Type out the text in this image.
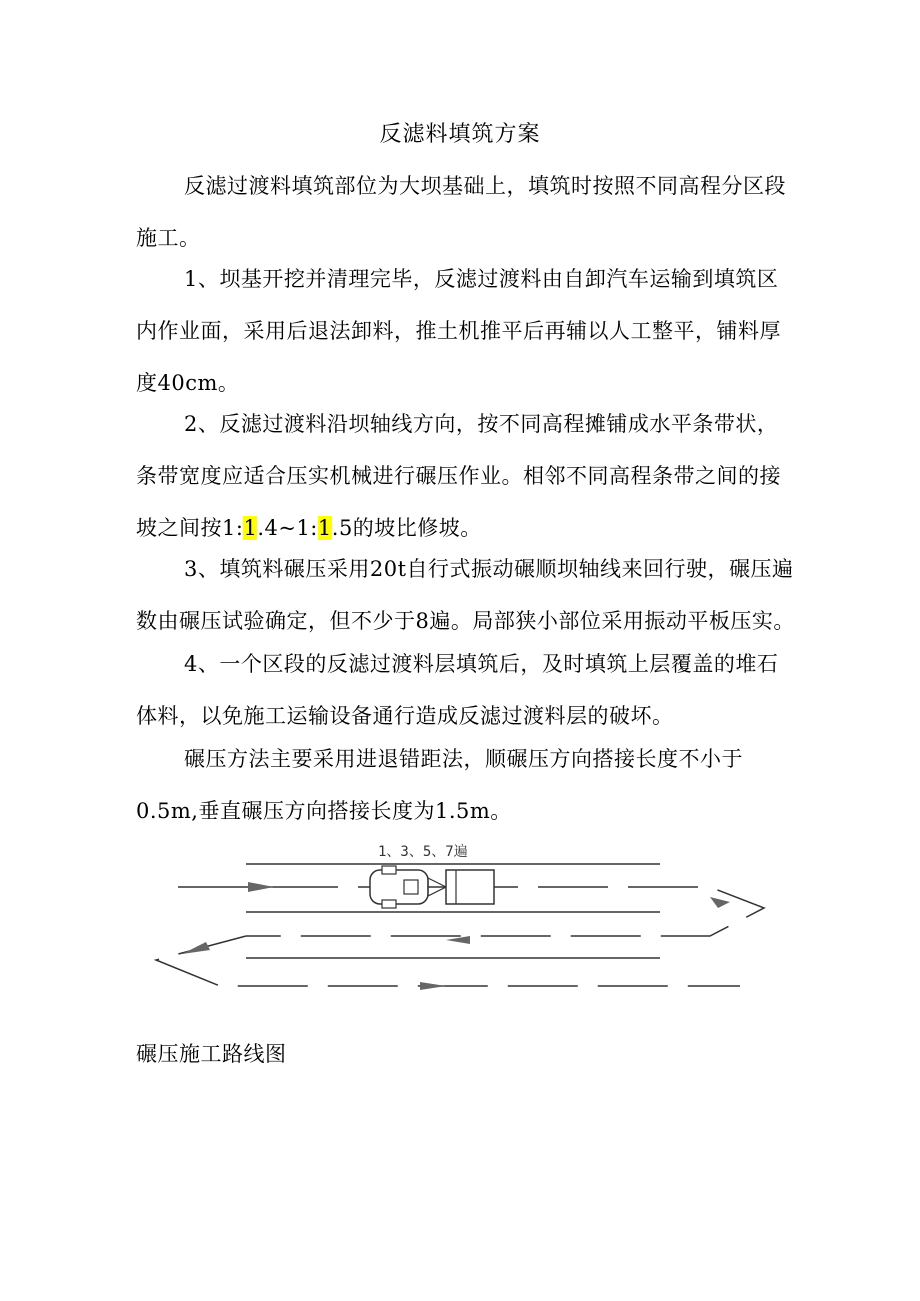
反滤料填筑方案

反滤过渡料填筑部位为大坝基础上，填筑时按照不同高程分区段施工。

1、坝基开挖并清理完毕，反滤过渡料由自卸汽车运输到填筑区内作业面，采用后退法卸料，推土机推平后再辅以人工整平，铺料厚度40cm。

2、反滤过渡料沿坝轴线方向，按不同高程摊铺成水平条带状，条带宽度应适合压实机械进行碾压作业。相邻不同高程条带之间的接坡之间按1:1.4~1:1.5的坡比修坡。

3、填筑料碾压采用20t自行式振动碾顺坝轴线来回行驶，碾压遍数由碾压试验确定，但不少于8遍。局部狭小部位采用振动平板压实。

4、一个区段的反滤过渡料层填筑后，及时填筑上层覆盖的堆石体料，以免施工运输设备通行造成反滤过渡料层的破坏。

碾压方法主要采用进退错距法，顺碾压方向搭接长度不小于0.5m,垂直碾压方向搭接长度为1.5m。

1、3、5、7遍
碾压施工路线图
